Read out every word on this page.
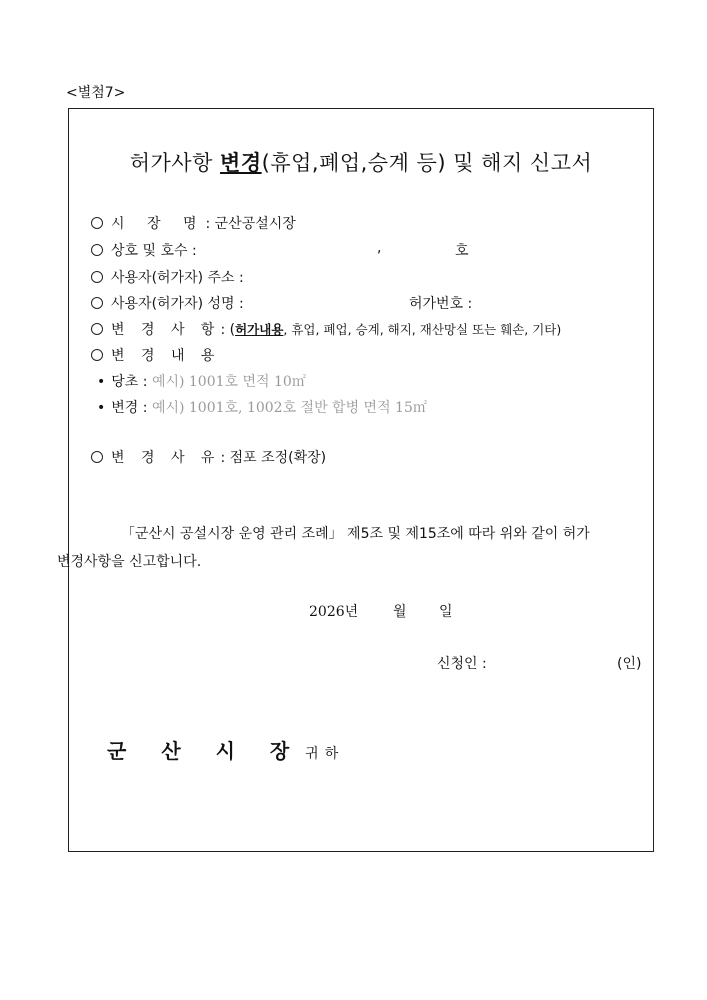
<별첨7>
허가사항 변경(휴업,폐업,승계 등) 및 해지 신고서
시 장 명: 군산공설시장
상호 및 호수 :	,	호
사용자(허가자) 주소 :
사용자(허가자) 성명 :	허가번호 :
변 경 사 항: (허가내용, 휴업, 폐업, 승계, 해지, 재산망실 또는 훼손, 기타)
변 경 내 용
• 당초 : 예시) 1001호 면적 10㎡
• 변경 : 예시) 1001호, 1002호 절반 합병 면적 15㎡
변 경 사 유: 점포 조정(확장)
「군산시 공설시장 운영 관리 조례」 제5조 및 제15조에 따라 위와 같이 허가
변경사항을 신고합니다.
2026년 월 일
신청인 :	(인)
군 산 시 장 귀하
